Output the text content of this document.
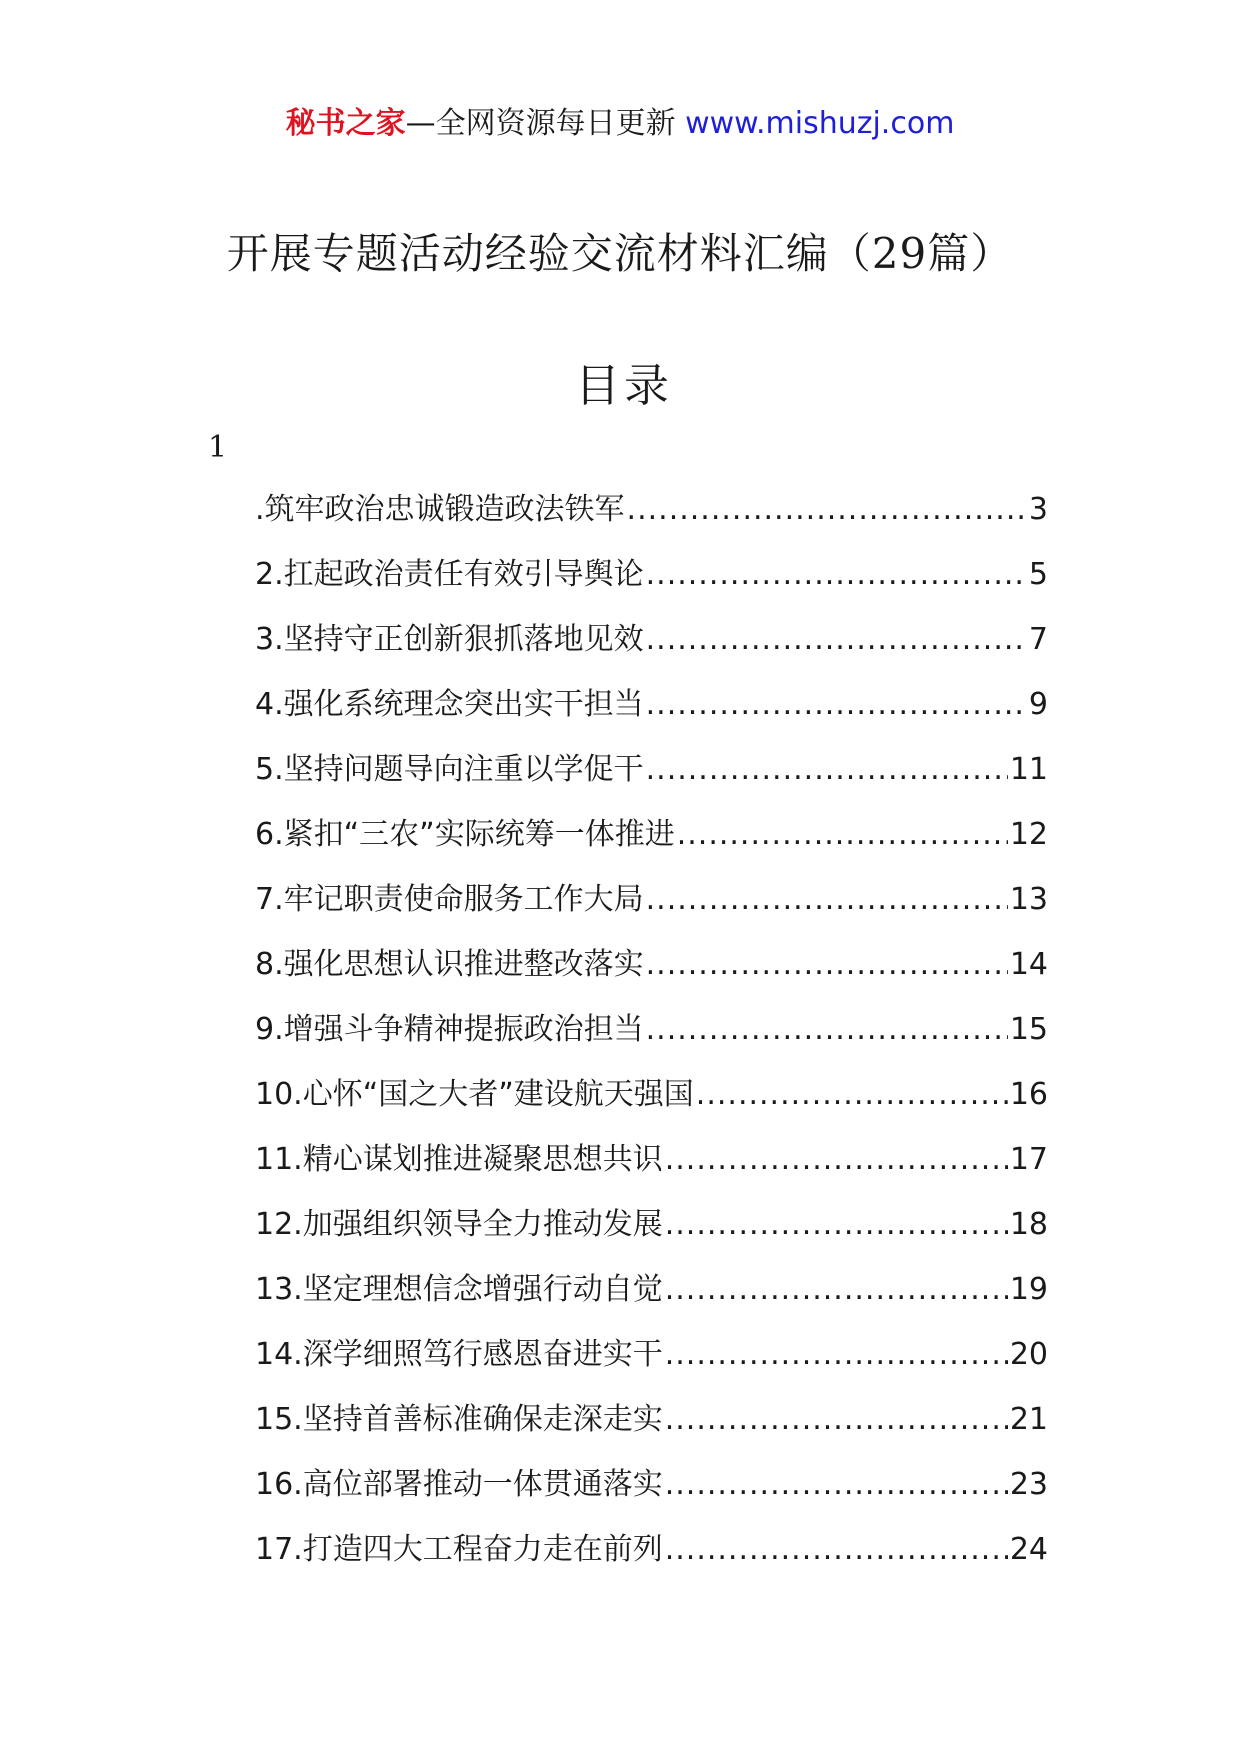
秘书之家—全网资源每日更新 www.mishuzj.com
开展专题活动经验交流材料汇编（29篇）
目录
1
.筑牢政治忠诚锻造政法铁军 .....	3
2.扛起政治责任有效引导舆论 .....	5
3.坚持守正创新狠抓落地见效 .....	7
4.强化系统理念突出实干担当 .....	9
5.坚持问题导向注重以学促干 .....	11
6.紧扣“三农”实际统筹一体推进 .....	12
7.牢记职责使命服务工作大局 .....	13
8.强化思想认识推进整改落实 .....	14
9.增强斗争精神提振政治担当 .....	15
10.心怀“国之大者”建设航天强国 .....	16
11.精心谋划推进凝聚思想共识 .....	17
12.加强组织领导全力推动发展 .....	18
13.坚定理想信念增强行动自觉 .....	19
14.深学细照笃行感恩奋进实干 .....	20
15.坚持首善标准确保走深走实 .....	21
16.高位部署推动一体贯通落实 .....	23
17.打造四大工程奋力走在前列 .....	24
